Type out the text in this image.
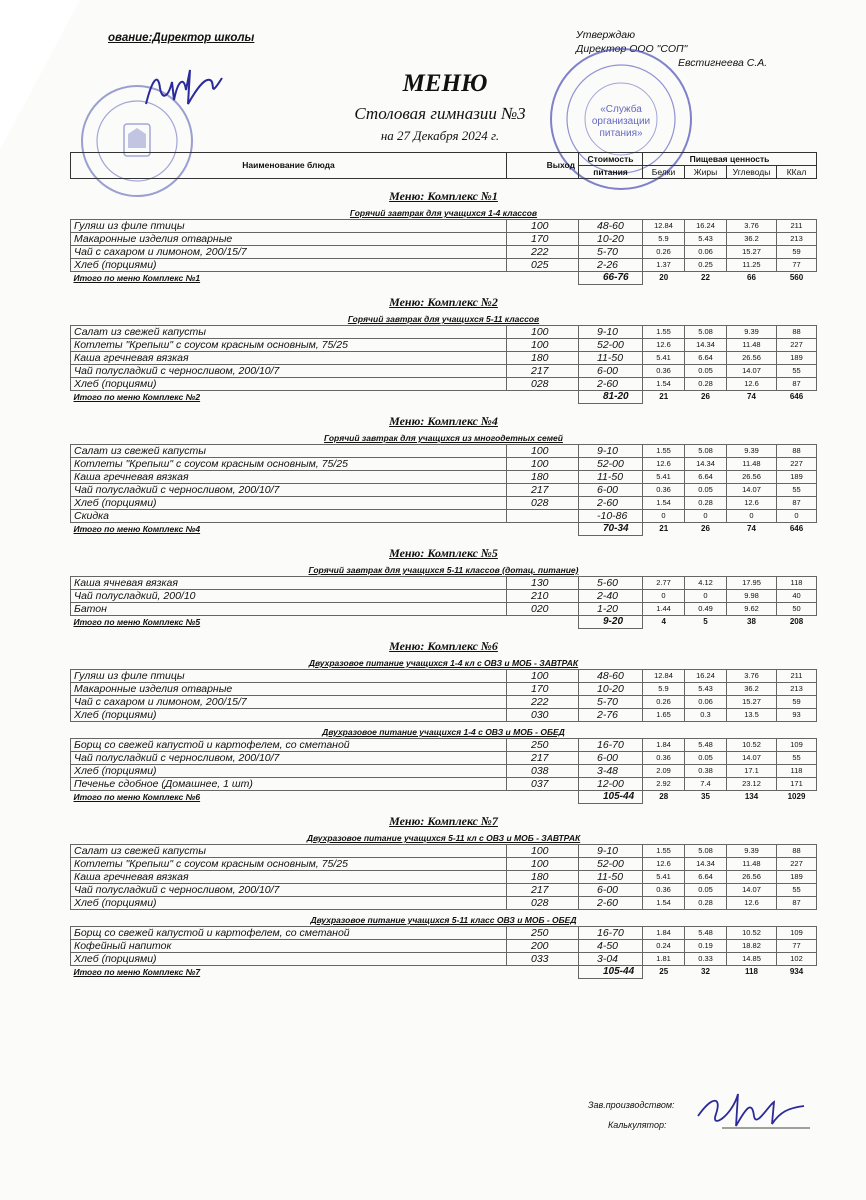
ование:Директор школы	Утверждаю
Директор ООО "СОП"
Евстигнеева С.А.
«Служба
организации
питания»
МЕНЮ
Столовая гимназии №3
на 27 Декабря 2024 г.
Наименование блюда	Выход	Стоимость	Пищевая ценность			
		питания	Белки	Жиры	Углеводы	ККал
Меню: Комплекс №1						
Горячий завтрак для учащихся 1-4 классов						
Гуляш из филе птицы	100	48-60	12.84	16.24	3.76	211
Макаронные изделия отварные	170	10-20	5.9	5.43	36.2	213
Чай с сахаром и лимоном, 200/15/7	222	5-70	0.26	0.06	15.27	59
Хлеб (порциями)	025	2-26	1.37	0.25	11.25	77
Итого по меню Комплекс №1		66-76	20	22	66	560
Меню: Комплекс №2						
Горячий завтрак для учащихся 5-11 классов						
Салат из свежей капусты	100	9-10	1.55	5.08	9.39	88
Котлеты "Крепыш" с соусом красным основным, 75/25	100	52-00	12.6	14.34	11.48	227
Каша гречневая вязкая	180	11-50	5.41	6.64	26.56	189
Чай полусладкий с черносливом, 200/10/7	217	6-00	0.36	0.05	14.07	55
Хлеб (порциями)	028	2-60	1.54	0.28	12.6	87
Итого по меню Комплекс №2		81-20	21	26	74	646
Меню: Комплекс №4						
Горячий завтрак для учащихся из многодетных семей						
Салат из свежей капусты	100	9-10	1.55	5.08	9.39	88
Котлеты "Крепыш" с соусом красным основным, 75/25	100	52-00	12.6	14.34	11.48	227
Каша гречневая вязкая	180	11-50	5.41	6.64	26.56	189
Чай полусладкий с черносливом, 200/10/7	217	6-00	0.36	0.05	14.07	55
Хлеб (порциями)	028	2-60	1.54	0.28	12.6	87
Скидка		-10-86	0	0	0	0
Итого по меню Комплекс №4		70-34	21	26	74	646
Меню: Комплекс №5						
Горячий завтрак для учащихся 5-11 классов (дотац. питание)						
Каша ячневая вязкая	130	5-60	2.77	4.12	17.95	118
Чай полусладкий, 200/10	210	2-40	0	0	9.98	40
Батон	020	1-20	1.44	0.49	9.62	50
Итого по меню Комплекс №5		9-20	4	5	38	208
Меню: Комплекс №6						
Двухразовое питание учащихся 1-4 кл с ОВЗ и МОБ - ЗАВТРАК						
Гуляш из филе птицы	100	48-60	12.84	16.24	3.76	211
Макаронные изделия отварные	170	10-20	5.9	5.43	36.2	213
Чай с сахаром и лимоном, 200/15/7	222	5-70	0.26	0.06	15.27	59
Хлеб (порциями)	030	2-76	1.65	0.3	13.5	93
Двухразовое питание учащихся 1-4 с ОВЗ и МОБ - ОБЕД						
Борщ со свежей капустой и картофелем, со сметаной	250	16-70	1.84	5.48	10.52	109
Чай полусладкий с черносливом, 200/10/7	217	6-00	0.36	0.05	14.07	55
Хлеб (порциями)	038	3-48	2.09	0.38	17.1	118
Печенье сдобное (Домашнее, 1 шт)	037	12-00	2.92	7.4	23.12	171
Итого по меню Комплекс №6		105-44	28	35	134	1029
Меню: Комплекс №7						
Двухразовое питание учащихся 5-11 кл с ОВЗ и МОБ - ЗАВТРАК						
Салат из свежей капусты	100	9-10	1.55	5.08	9.39	88
Котлеты "Крепыш" с соусом красным основным, 75/25	100	52-00	12.6	14.34	11.48	227
Каша гречневая вязкая	180	11-50	5.41	6.64	26.56	189
Чай полусладкий с черносливом, 200/10/7	217	6-00	0.36	0.05	14.07	55
Хлеб (порциями)	028	2-60	1.54	0.28	12.6	87
Двухразовое питание учащихся 5-11 класс ОВЗ и МОБ - ОБЕД						
Борщ со свежей капустой и картофелем, со сметаной	250	16-70	1.84	5.48	10.52	109
Кофейный напиток	200	4-50	0.24	0.19	18.82	77
Хлеб (порциями)	033	3-04	1.81	0.33	14.85	102
Итого по меню Комплекс №7		105-44	25	32	118	934
Зав.производством:
Калькулятор:
